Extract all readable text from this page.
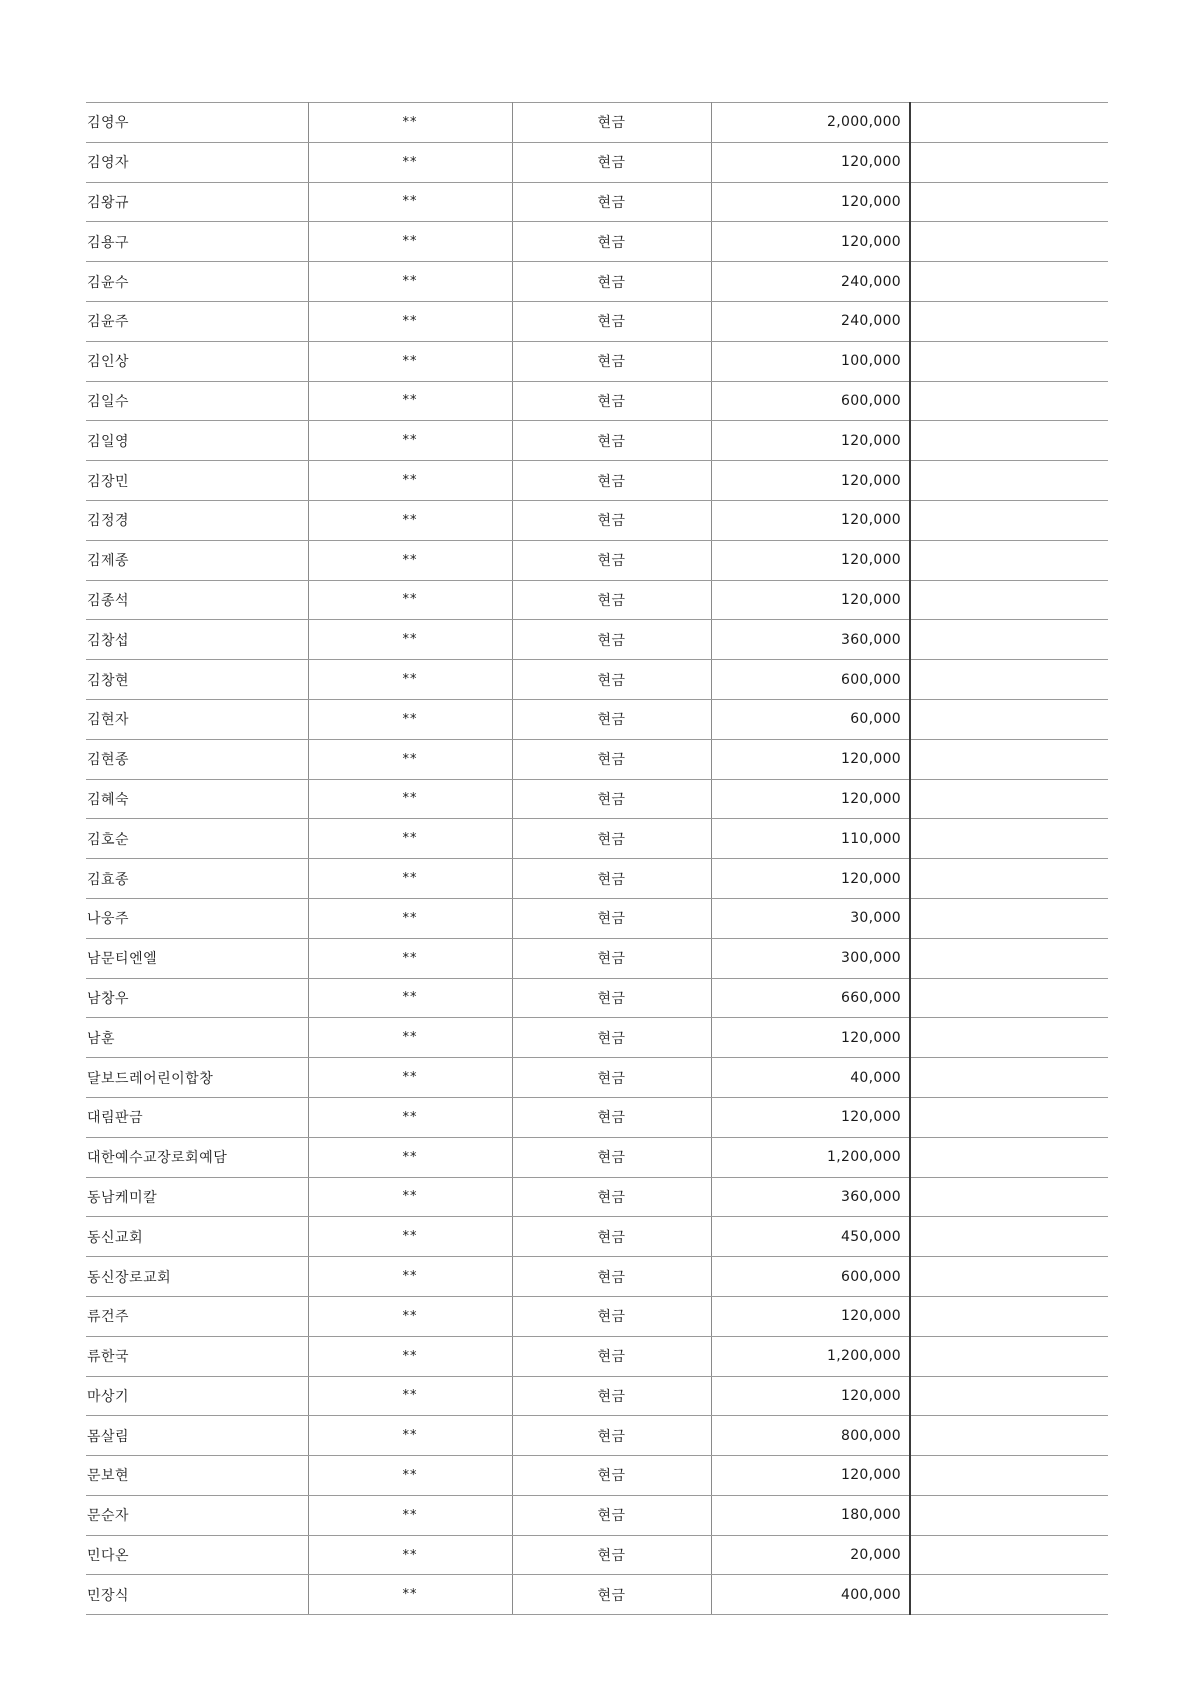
김영우	**	현금	2,000,000	
김영자	**	현금	120,000	
김왕규	**	현금	120,000	
김용구	**	현금	120,000	
김윤수	**	현금	240,000	
김윤주	**	현금	240,000	
김인상	**	현금	100,000	
김일수	**	현금	600,000	
김일영	**	현금	120,000	
김장민	**	현금	120,000	
김정경	**	현금	120,000	
김제종	**	현금	120,000	
김종석	**	현금	120,000	
김창섭	**	현금	360,000	
김창현	**	현금	600,000	
김현자	**	현금	60,000	
김현종	**	현금	120,000	
김혜숙	**	현금	120,000	
김호순	**	현금	110,000	
김효종	**	현금	120,000	
나웅주	**	현금	30,000	
남문티엔엘	**	현금	300,000	
남창우	**	현금	660,000	
남훈	**	현금	120,000	
달보드레어린이합창	**	현금	40,000	
대림판금	**	현금	120,000	
대한예수교장로회예담	**	현금	1,200,000	
동남케미칼	**	현금	360,000	
동신교회	**	현금	450,000	
동신장로교회	**	현금	600,000	
류건주	**	현금	120,000	
류한국	**	현금	1,200,000	
마상기	**	현금	120,000	
몸살림	**	현금	800,000	
문보현	**	현금	120,000	
문순자	**	현금	180,000	
민다온	**	현금	20,000	
민장식	**	현금	400,000	
